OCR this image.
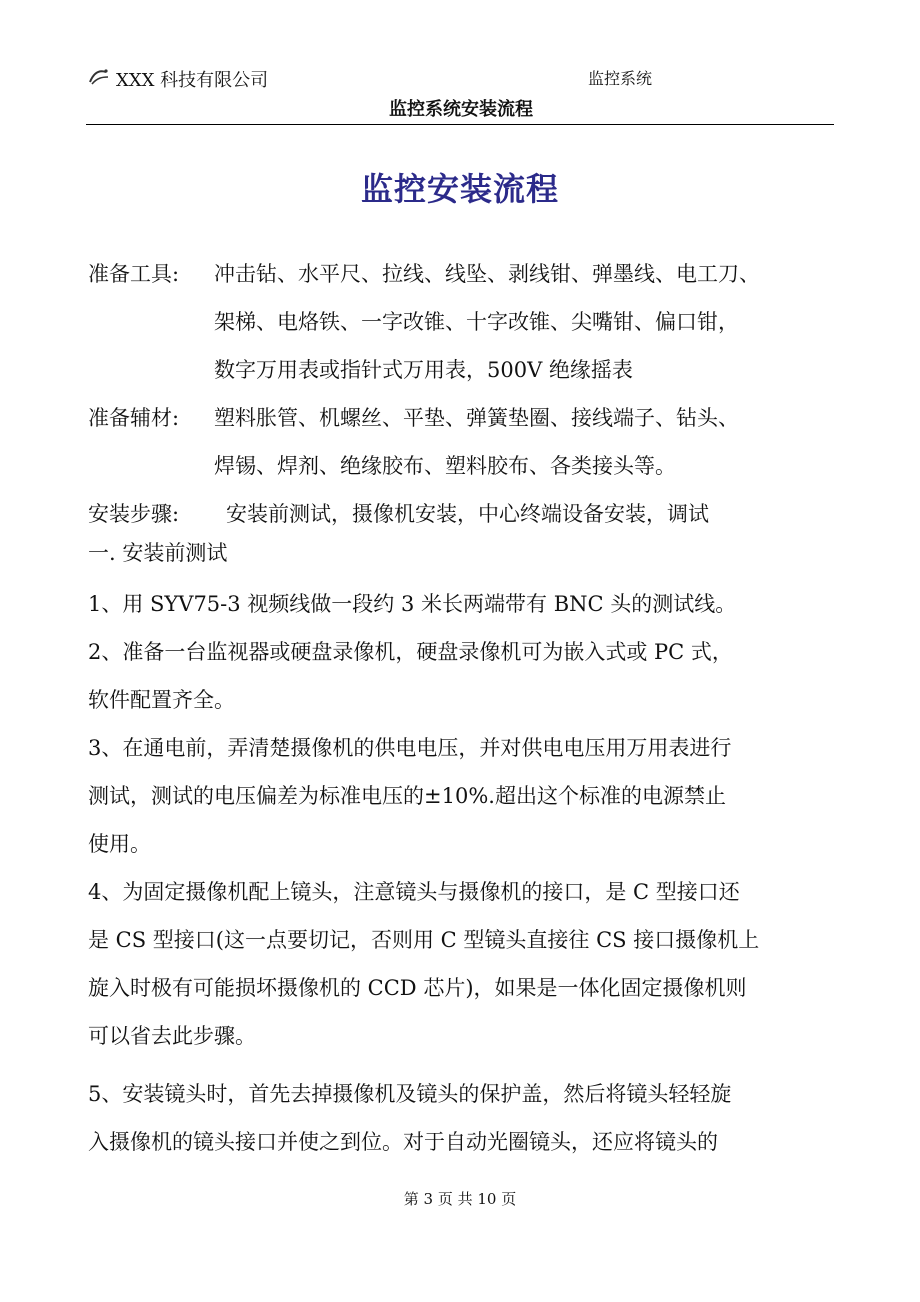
XXX 科技有限公司	监控系统
监控系统安装流程
监控安装流程
准备工具: 冲击钻、水平尺、拉线、线坠、剥线钳、弹墨线、电工刀、
架梯、电烙铁、一字改锥、十字改锥、尖嘴钳、偏口钳，
数字万用表或指针式万用表，500V 绝缘摇表
准备辅材: 塑料胀管、机螺丝、平垫、弹簧垫圈、接线端子、钻头、
焊锡、焊剂、绝缘胶布、塑料胶布、各类接头等。
安装步骤: 安装前测试，摄像机安装，中心终端设备安装，调试
一. 安装前测试
1、用 SYV75-3 视频线做一段约 3 米长两端带有 BNC 头的测试线。
2、准备一台监视器或硬盘录像机，硬盘录像机可为嵌入式或 PC 式，
软件配置齐全。
3、在通电前，弄清楚摄像机的供电电压，并对供电电压用万用表进行
测试，测试的电压偏差为标准电压的±10%.超出这个标准的电源禁止
使用。
4、为固定摄像机配上镜头，注意镜头与摄像机的接口，是 C 型接口还
是 CS 型接口(这一点要切记，否则用 C 型镜头直接往 CS 接口摄像机上
旋入时极有可能损坏摄像机的 CCD 芯片)，如果是一体化固定摄像机则
可以省去此步骤。
5、安装镜头时，首先去掉摄像机及镜头的保护盖，然后将镜头轻轻旋
入摄像机的镜头接口并使之到位。对于自动光圈镜头，还应将镜头的
第 3 页 共 10 页
